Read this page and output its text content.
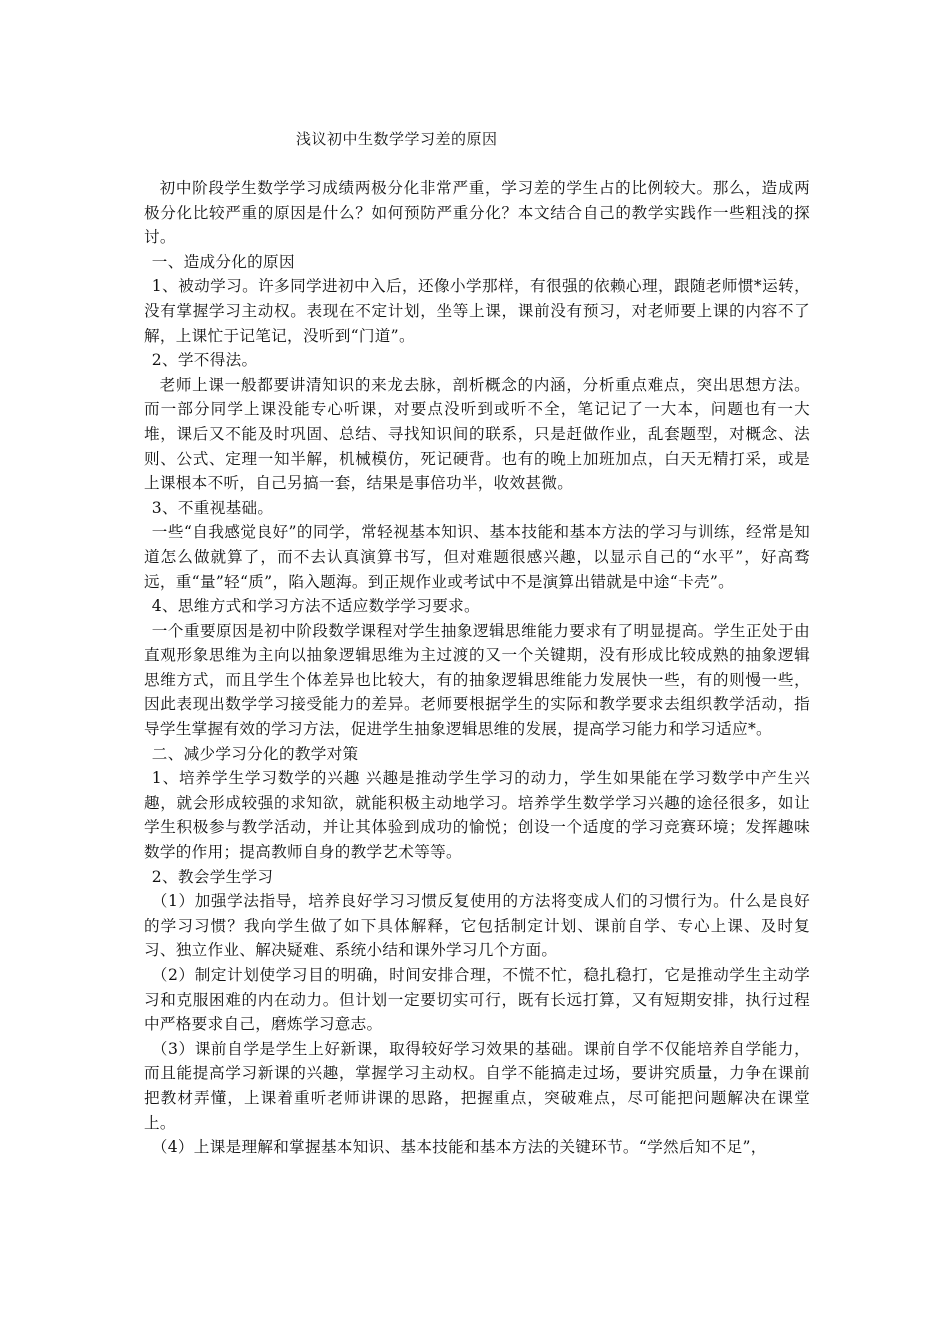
浅议初中生数学学习差的原因

初中阶段学生数学学习成绩两极分化非常严重，学习差的学生占的比例较大。那么，造成两极分化比较严重的原因是什么？如何预防严重分化？本文结合自己的教学实践作一些粗浅的探讨。

一、造成分化的原因

1、被动学习。许多同学进初中入后，还像小学那样，有很强的依赖心理，跟随老师惯*运转，没有掌握学习主动权。表现在不定计划，坐等上课，课前没有预习，对老师要上课的内容不了解，上课忙于记笔记，没听到“门道”。

2、学不得法。

老师上课一般都要讲清知识的来龙去脉，剖析概念的内涵，分析重点难点，突出思想方法。而一部分同学上课没能专心听课，对要点没听到或听不全，笔记记了一大本，问题也有一大堆，课后又不能及时巩固、总结、寻找知识间的联系，只是赶做作业，乱套题型，对概念、法则、公式、定理一知半解，机械模仿，死记硬背。也有的晚上加班加点，白天无精打采，或是上课根本不听，自己另搞一套，结果是事倍功半，收效甚微。

3、不重视基础。

一些“自我感觉良好”的同学，常轻视基本知识、基本技能和基本方法的学习与训练，经常是知道怎么做就算了，而不去认真演算书写，但对难题很感兴趣，以显示自己的“水平”，好高骛远，重“量”轻“质”，陷入题海。到正规作业或考试中不是演算出错就是中途“卡壳”。

4、思维方式和学习方法不适应数学学习要求。

一个重要原因是初中阶段数学课程对学生抽象逻辑思维能力要求有了明显提高。学生正处于由直观形象思维为主向以抽象逻辑思维为主过渡的又一个关键期，没有形成比较成熟的抽象逻辑思维方式，而且学生个体差异也比较大，有的抽象逻辑思维能力发展快一些，有的则慢一些，因此表现出数学学习接受能力的差异。老师要根据学生的实际和教学要求去组织教学活动，指导学生掌握有效的学习方法，促进学生抽象逻辑思维的发展，提高学习能力和学习适应*。

二、减少学习分化的教学对策

1、培养学生学习数学的兴趣 兴趣是推动学生学习的动力，学生如果能在学习数学中产生兴趣，就会形成较强的求知欲，就能积极主动地学习。培养学生数学学习兴趣的途径很多，如让学生积极参与教学活动，并让其体验到成功的愉悦；创设一个适度的学习竞赛环境；发挥趣味数学的作用；提高教师自身的教学艺术等等。

2、教会学生学习

（1）加强学法指导，培养良好学习习惯反复使用的方法将变成人们的习惯行为。什么是良好的学习习惯？我向学生做了如下具体解释，它包括制定计划、课前自学、专心上课、及时复习、独立作业、解决疑难、系统小结和课外学习几个方面。

（2）制定计划使学习目的明确，时间安排合理，不慌不忙，稳扎稳打，它是推动学生主动学习和克服困难的内在动力。但计划一定要切实可行，既有长远打算，又有短期安排，执行过程中严格要求自己，磨炼学习意志。

（3）课前自学是学生上好新课，取得较好学习效果的基础。课前自学不仅能培养自学能力，而且能提高学习新课的兴趣，掌握学习主动权。自学不能搞走过场，要讲究质量，力争在课前把教材弄懂，上课着重听老师讲课的思路，把握重点，突破难点，尽可能把问题解决在课堂上。

（4）上课是理解和掌握基本知识、基本技能和基本方法的关键环节。“学然后知不足”，
